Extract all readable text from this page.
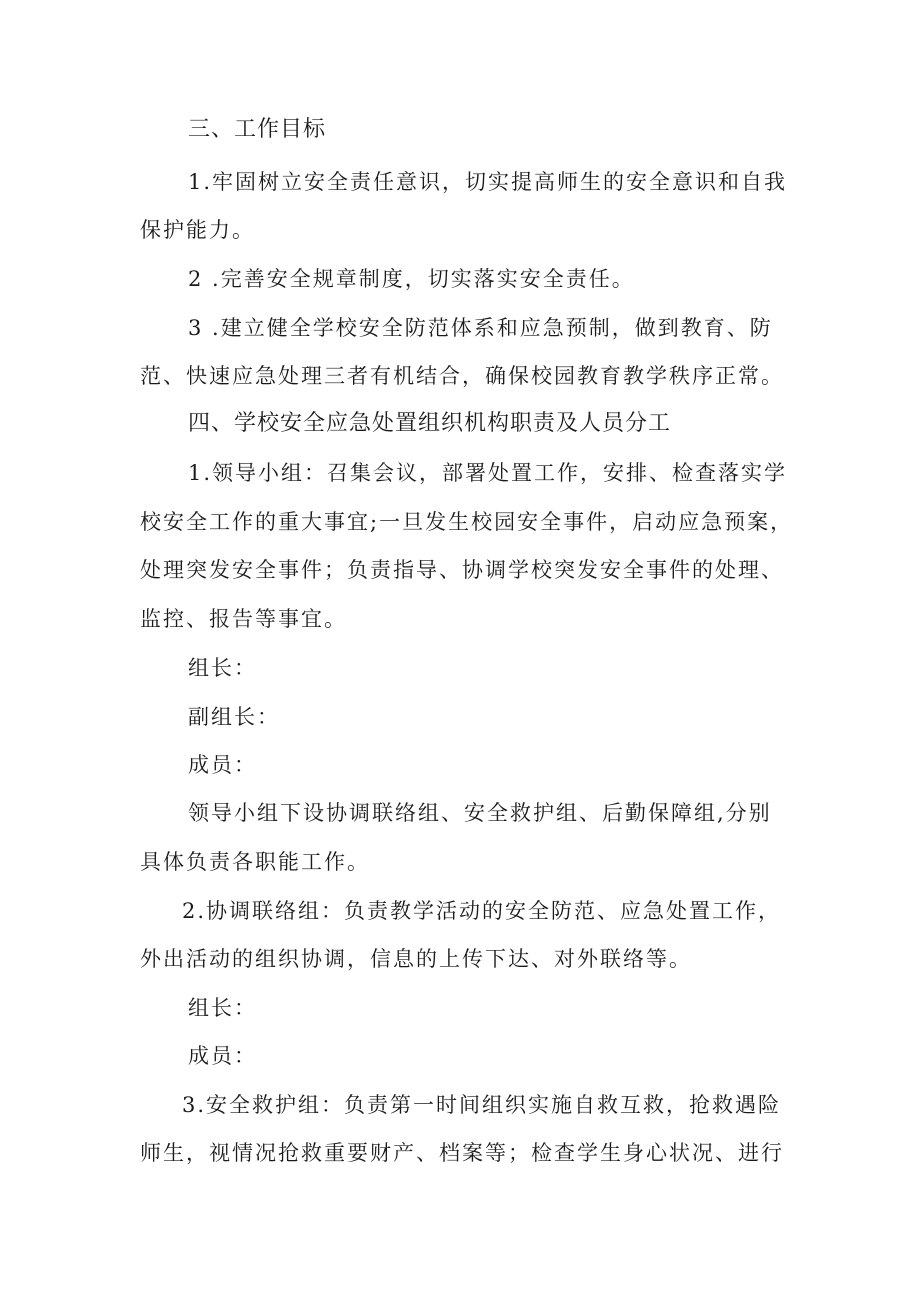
三、工作目标
1.牢固树立安全责任意识，切实提高师生的安全意识和自我
保护能力。
2 .完善安全规章制度，切实落实安全责任。
3 .建立健全学校安全防范体系和应急预制，做到教育、防
范、快速应急处理三者有机结合，确保校园教育教学秩序正常。
四、学校安全应急处置组织机构职责及人员分工
1.领导小组：召集会议，部署处置工作，安排、检查落实学
校安全工作的重大事宜;一旦发生校园安全事件，启动应急预案，
处理突发安全事件；负责指导、协调学校突发安全事件的处理、
监控、报告等事宜。
组长：
副组长：
成员：
领导小组下设协调联络组、安全救护组、后勤保障组,分别
具体负责各职能工作。
2.协调联络组：负责教学活动的安全防范、应急处置工作，
外出活动的组织协调，信息的上传下达、对外联络等。
组长：
成员：
3.安全救护组：负责第一时间组织实施自救互救，抢救遇险
师生，视情况抢救重要财产、档案等；检查学生身心状况、进行
